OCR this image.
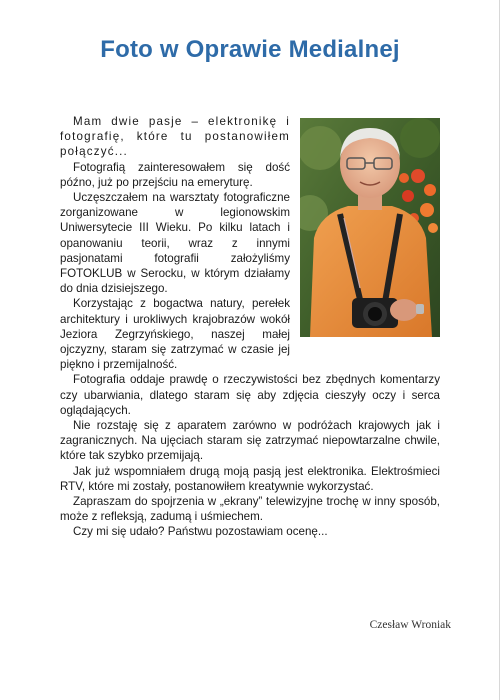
Foto w Oprawie Medialnej

Mam dwie pasje – elektronikę i fotografię, które tu postanowiłem połączyć...

Fotografią zainteresowałem się dość późno, już po przejściu na emeryturę.

Uczęszczałem na warsztaty fotograficzne zorganizowane w legionowskim Uniwersytecie III Wieku. Po kilku latach i opanowaniu teorii, wraz z innymi pasjonatami fotografii założyliśmy FOTOKLUB w Serocku, w którym działamy do dnia dzisiejszego.

Korzystając z bogactwa natury, perełek architektury i urokliwych krajobrazów wokół Jeziora Zegrzyńskiego, naszej małej ojczyzny, staram się zatrzymać w czasie jej piękno i przemijalność.

Fotografia oddaje prawdę o rzeczywistości bez zbędnych komentarzy czy ubarwiania, dlatego staram się aby zdjęcia cieszyły oczy i serca oglądających.

Nie rozstaję się z aparatem zarówno w podróżach krajowych jak i zagranicznych. Na ujęciach staram się zatrzymać niepowtarzalne chwile, które tak szybko przemijają.

Jak już wspomniałem drugą moją pasją jest elektronika. Elektrośmieci RTV, które mi zostały, postanowiłem kreatywnie wykorzystać.

Zapraszam do spojrzenia w „ekrany” telewizyjne trochę w inny sposób, może z refleksją, zadumą i uśmiechem.

Czy mi się udało? Państwu pozostawiam ocenę...

Czesław Wroniak
